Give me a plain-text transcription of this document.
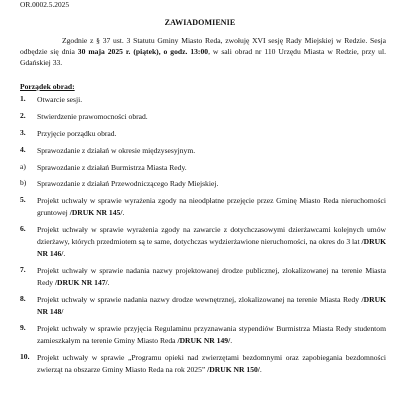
OR.0002.5.2025
ZAWIADOMIENIE
Zgodnie z § 37 ust. 3 Statutu Gminy Miasto Reda, zwołuję XVI sesję Rady Miejskiej w Redzie. Sesja odbędzie się dnia 30 maja 2025 r. (piątek), o godz. 13:00, w sali obrad nr 110 Urzędu Miasta w Redzie, przy ul. Gdańskiej 33.
Porządek obrad:
1.	Otwarcie sesji.
2.	Stwierdzenie prawomocności obrad.
3.	Przyjęcie porządku obrad.
4.	Sprawozdanie z działań w okresie międzysesyjnym.
a)	Sprawozdanie z działań Burmistrza Miasta Redy.
b)	Sprawozdanie z działań Przewodniczącego Rady Miejskiej.
5.	Projekt uchwały w sprawie wyrażenia zgody na nieodpłatne przejęcie przez Gminę Miasto Reda nieruchomości gruntowej /DRUK NR 145/.
6.	Projekt uchwały w sprawie wyrażenia zgody na zawarcie z dotychczasowymi dzierżawcami kolejnych umów dzierżawy, których przedmiotem są te same, dotychczas wydzierżawione nieruchomości, na okres do 3 lat /DRUK NR 146/.
7.	Projekt uchwały w sprawie nadania nazwy projektowanej drodze publicznej, zlokalizowanej na terenie Miasta Redy /DRUK NR 147/.
8.	Projekt uchwały w sprawie nadania nazwy drodze wewnętrznej, zlokalizowanej na terenie Miasta Redy /DRUK NR 148/
9.	Projekt uchwały w sprawie przyjęcia Regulaminu przyznawania stypendiów Burmistrza Miasta Redy studentom zamieszkałym na terenie Gminy Miasto Reda /DRUK NR 149/.
10. Projekt uchwały w sprawie „Programu opieki nad zwierzętami bezdomnymi oraz zapobiegania bezdomności zwierząt na obszarze Gminy Miasto Reda na rok 2025” /DRUK NR 150/.
